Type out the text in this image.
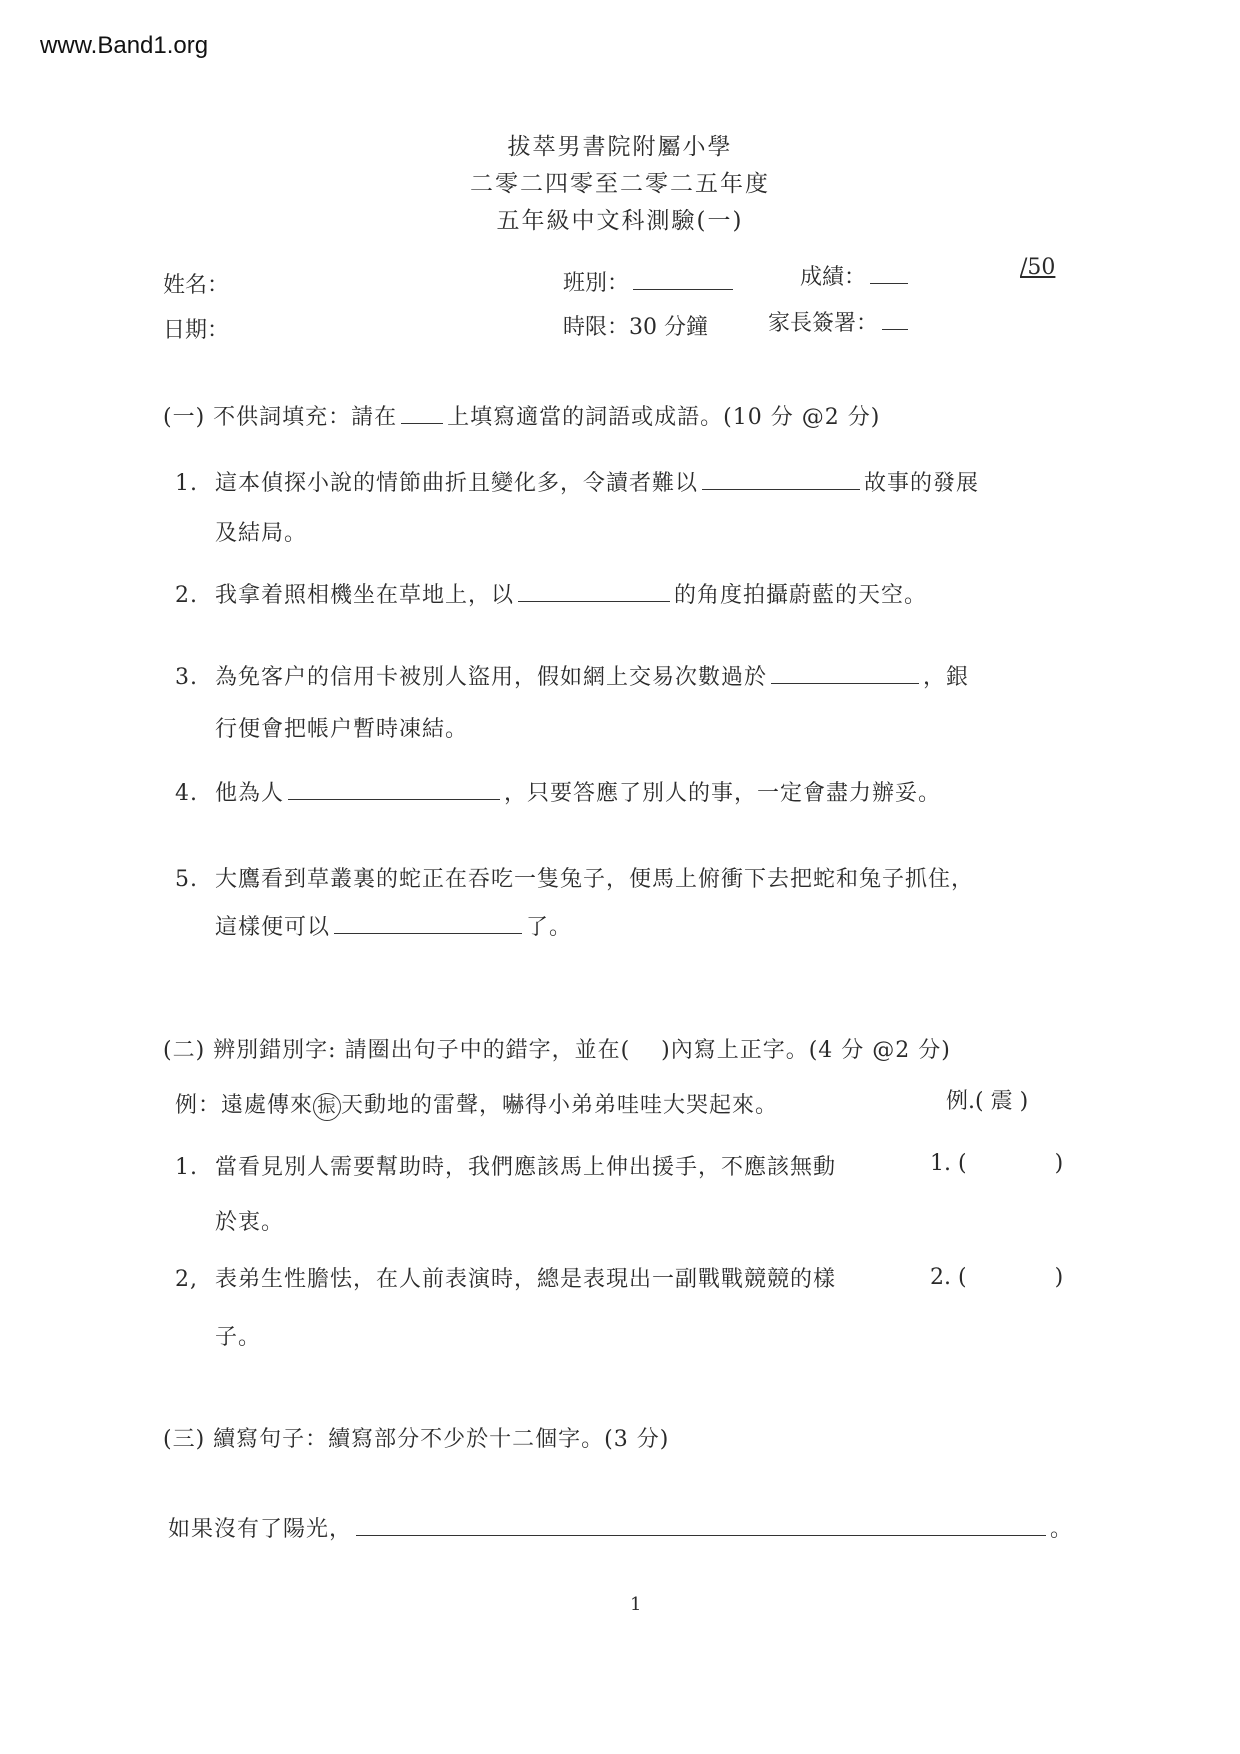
www.Band1.org
拔萃男書院附屬小學
二零二四零至二零二五年度
五年級中文科測驗(一)
姓名：	班別：	成績：	/50
日期：	時限：30 分鐘	家長簽署：
(一) 不供詞填充：請在 上填寫適當的詞語或成語。(10 分 @2 分)
1. 這本偵探小說的情節曲折且變化多，令讀者難以	故事的發展
及結局。
2. 我拿着照相機坐在草地上，以	的角度拍攝蔚藍的天空。
3. 為免客户的信用卡被別人盜用，假如網上交易次數過於	，銀
行便會把帳户暫時凍結。
4. 他為人	，只要答應了別人的事，一定會盡力辦妥。
5. 大鷹看到草叢裏的蛇正在吞吃一隻兔子，便馬上俯衝下去把蛇和兔子抓住，
這樣便可以	了。
(二) 辨別錯別字: 請圈出句子中的錯字，並在(　 )內寫上正字。(4 分 @2 分)
例：遠處傳來 振 天動地的雷聲，嚇得小弟弟哇哇大哭起來。	例.( 震 )
1. 當看見別人需要幫助時，我們應該馬上伸出援手，不應該無動	1. (　　　　)
於衷。
2, 表弟生性膽怯，在人前表演時，總是表現出一副戰戰競競的樣	2. (　　　　)
子。
(三) 續寫句子：續寫部分不少於十二個字。(3 分)
如果沒有了陽光，	。
1
